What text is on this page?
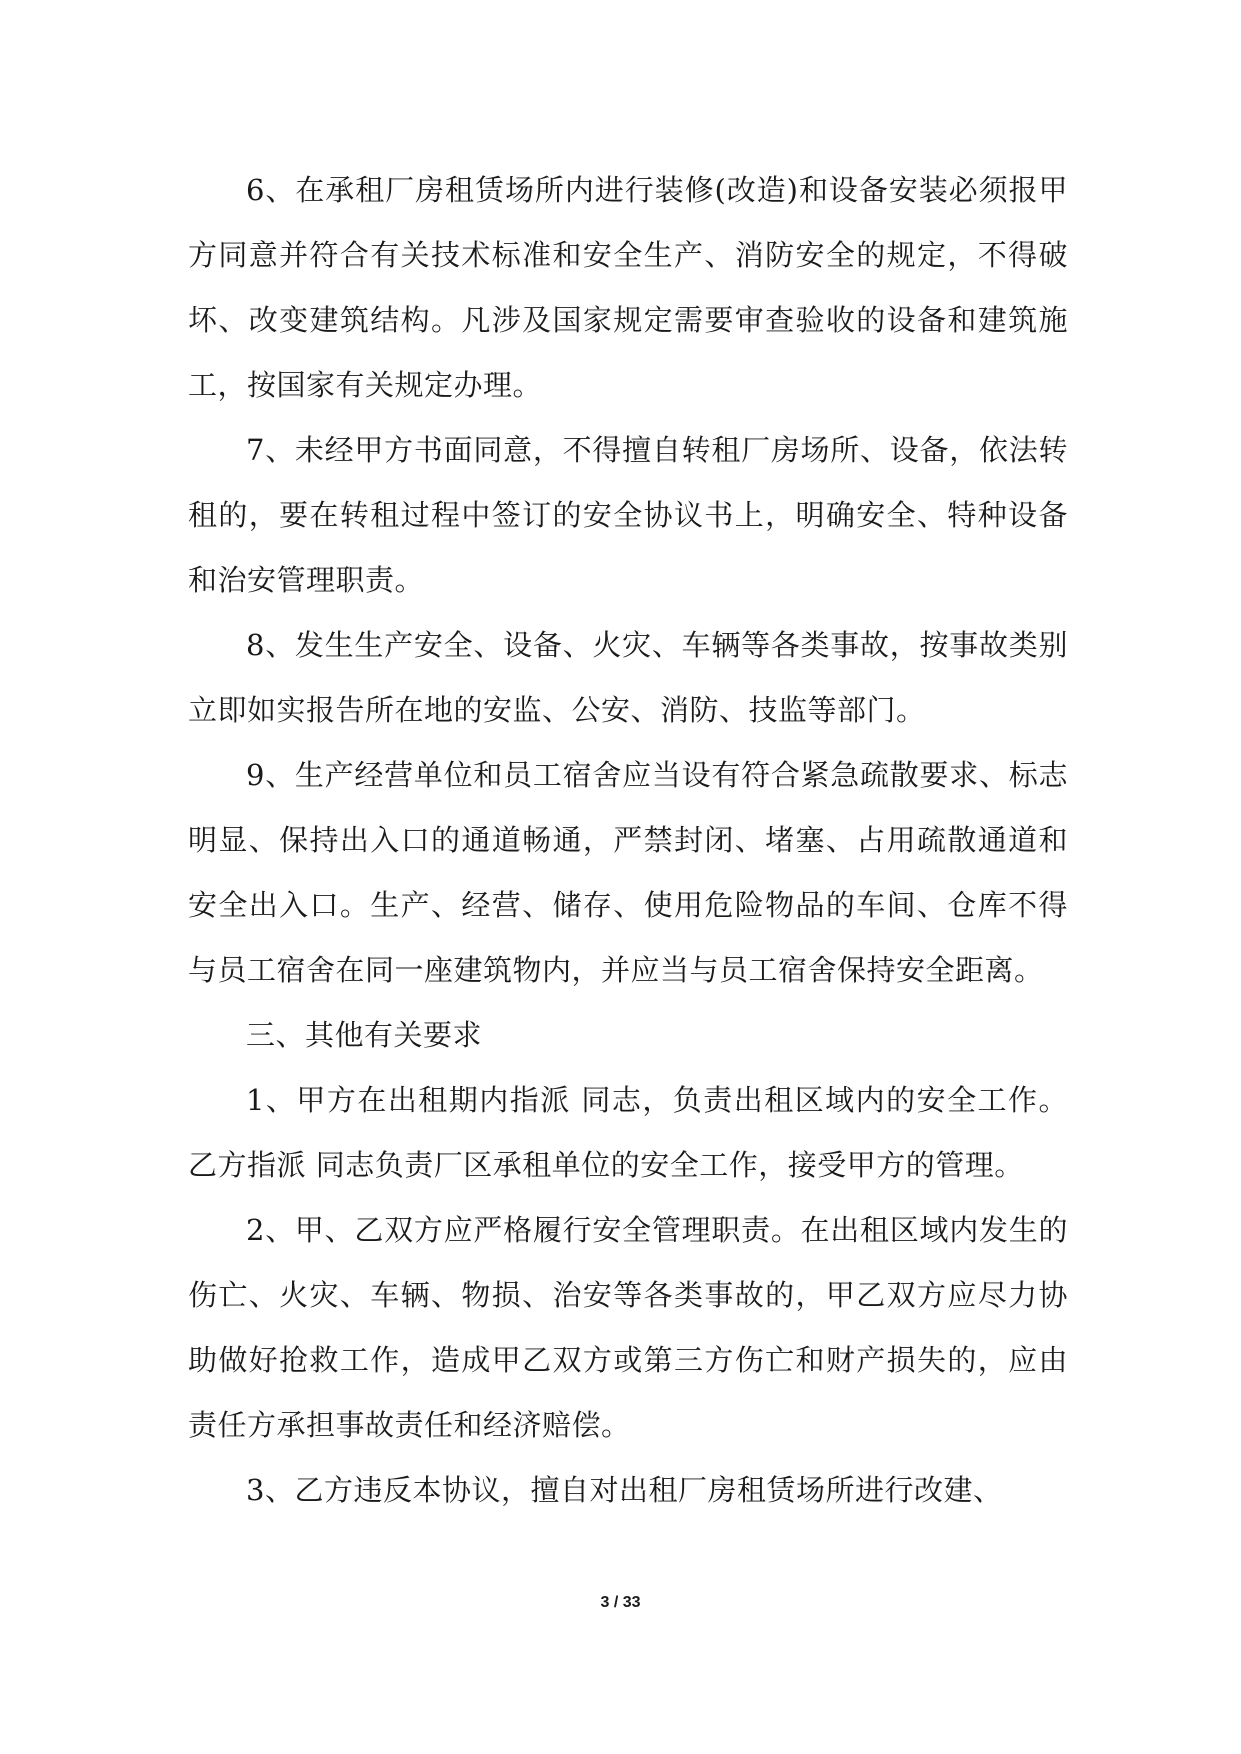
6、在承租厂房租赁场所内进行装修(改造)和设备安装必须报甲方同意并符合有关技术标准和安全生产、消防安全的规定，不得破坏、改变建筑结构。凡涉及国家规定需要审查验收的设备和建筑施工，按国家有关规定办理。

7、未经甲方书面同意，不得擅自转租厂房场所、设备，依法转租的，要在转租过程中签订的安全协议书上，明确安全、特种设备和治安管理职责。

8、发生生产安全、设备、火灾、车辆等各类事故，按事故类别立即如实报告所在地的安监、公安、消防、技监等部门。

9、生产经营单位和员工宿舍应当设有符合紧急疏散要求、标志明显、保持出入口的通道畅通，严禁封闭、堵塞、占用疏散通道和安全出入口。生产、经营、储存、使用危险物品的车间、仓库不得与员工宿舍在同一座建筑物内，并应当与员工宿舍保持安全距离。

三、其他有关要求

1、甲方在出租期内指派 同志，负责出租区域内的安全工作。乙方指派 同志负责厂区承租单位的安全工作，接受甲方的管理。

2、甲、乙双方应严格履行安全管理职责。在出租区域内发生的伤亡、火灾、车辆、物损、治安等各类事故的，甲乙双方应尽力协助做好抢救工作，造成甲乙双方或第三方伤亡和财产损失的，应由责任方承担事故责任和经济赔偿。

3、乙方违反本协议，擅自对出租厂房租赁场所进行改建、

3 / 33
